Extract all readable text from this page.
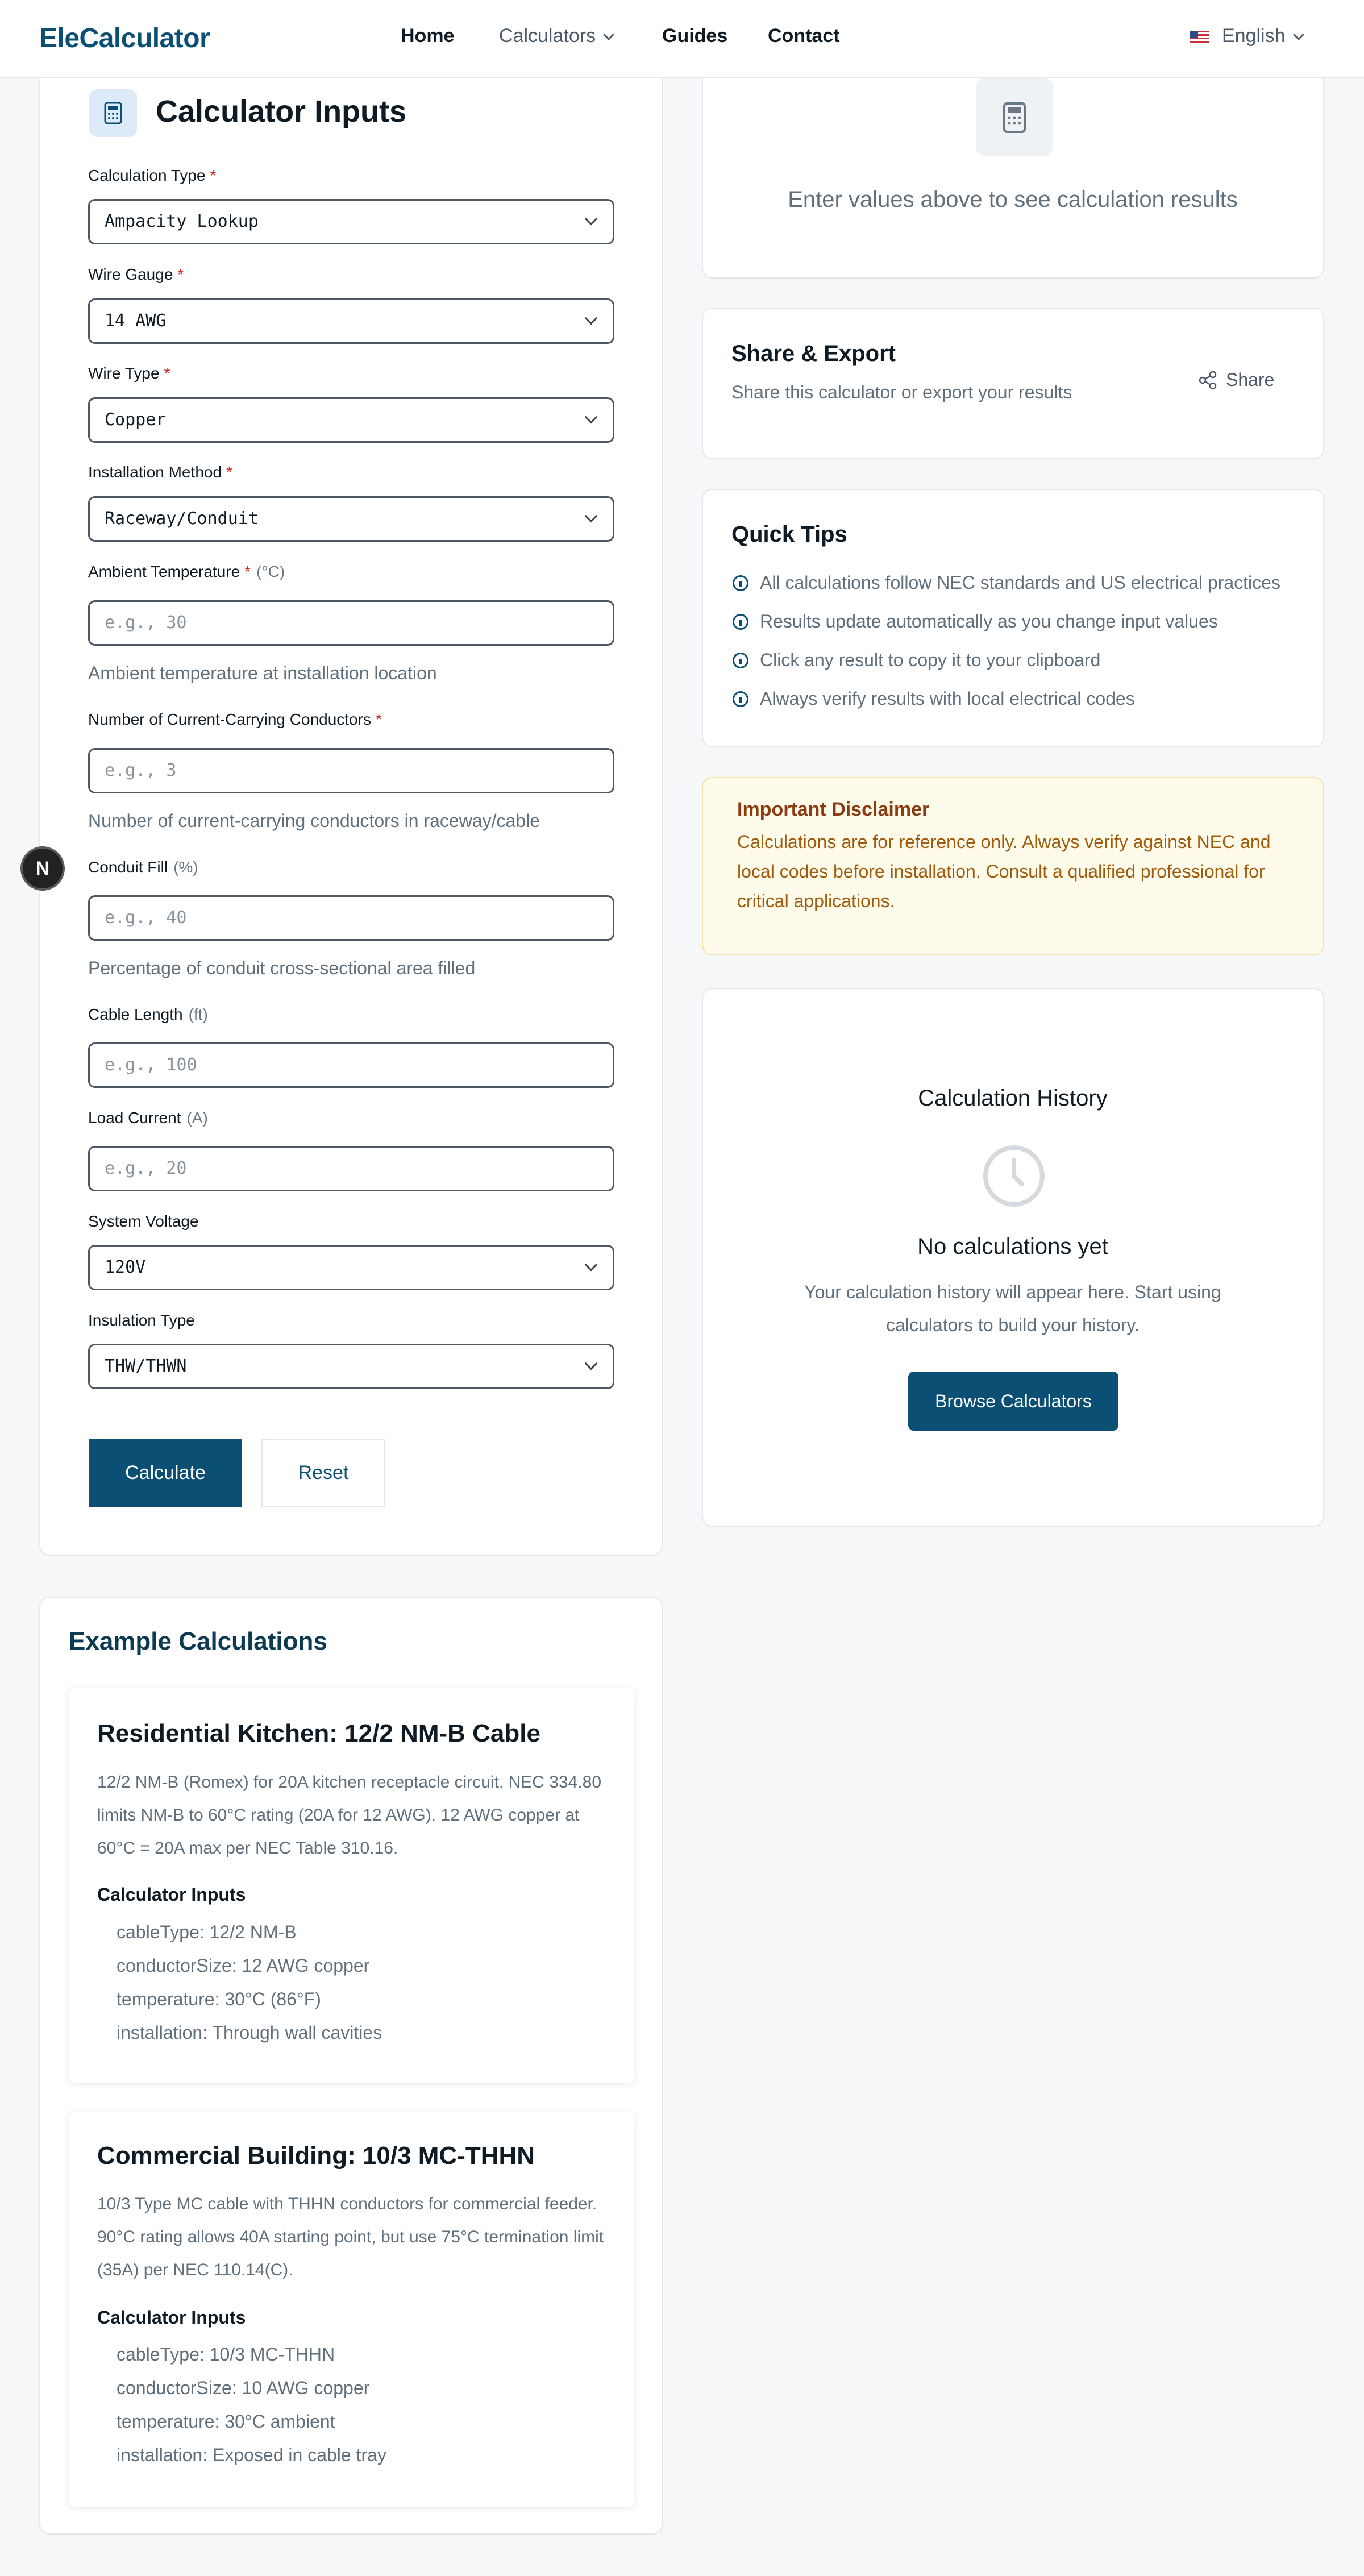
EleCalculator	Home Calculators	Guides Contact	English
Calculator Inputs
Calculation Type *
Ampacity Lookup
Wire Gauge *
14 AWG
Wire Type *
Copper
Installation Method *
Raceway/Conduit
Ambient Temperature * (°C)
e.g., 30
Ambient temperature at installation location
Number of Current-Carrying Conductors *
e.g., 3
Number of current-carrying conductors in raceway/cable
Conduit Fill (%)
e.g., 40
Percentage of conduit cross-sectional area filled
Cable Length (ft)
e.g., 100
Load Current (A)
e.g., 20
System Voltage
120V
Insulation Type
THW/THWN
Calculate	Reset
Example Calculations
Residential Kitchen: 12/2 NM-B Cable
12/2 NM-B (Romex) for 20A kitchen receptacle circuit. NEC 334.80 limits NM-B to 60°C rating (20A for 12 AWG). 12 AWG copper at 60°C = 20A max per NEC Table 310.16.
Calculator Inputs
cableType: 12/2 NM-B
conductorSize: 12 AWG copper
temperature: 30°C (86°F)
installation: Through wall cavities
Commercial Building: 10/3 MC-THHN
10/3 Type MC cable with THHN conductors for commercial feeder. 90°C rating allows 40A starting point, but use 75°C termination limit (35A) per NEC 110.14(C).
Calculator Inputs
cableType: 10/3 MC-THHN
conductorSize: 10 AWG copper
temperature: 30°C ambient
installation: Exposed in cable tray
Enter values above to see calculation results
Share & Export
Share this calculator or export your results
Share
Quick Tips
All calculations follow NEC standards and US electrical practices
Results update automatically as you change input values
Click any result to copy it to your clipboard
Always verify results with local electrical codes
Important Disclaimer
Calculations are for reference only. Always verify against NEC and local codes before installation. Consult a qualified professional for critical applications.
Calculation History
No calculations yet
Your calculation history will appear here. Start using calculators to build your history.
Browse Calculators
N
